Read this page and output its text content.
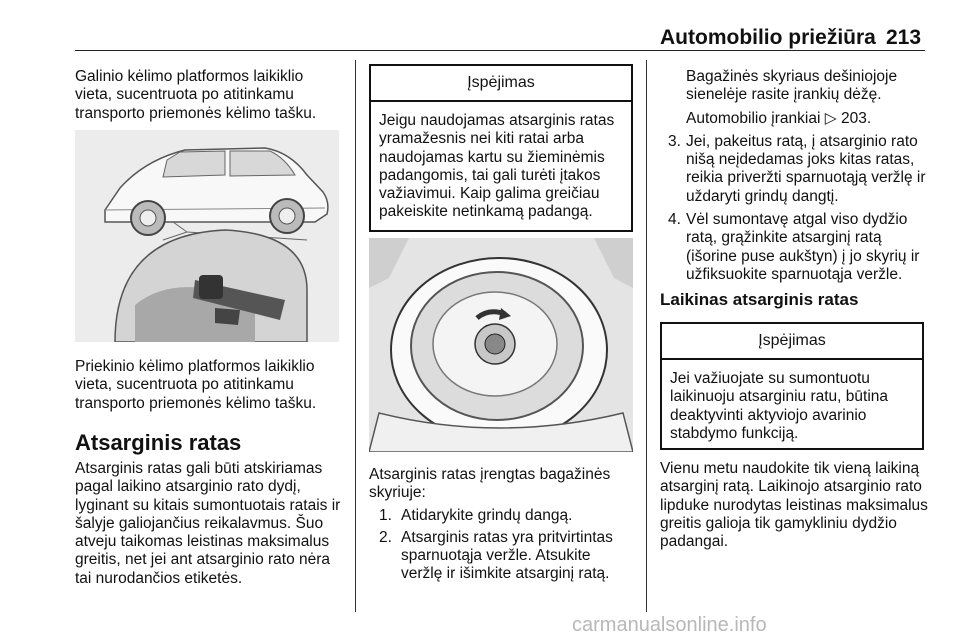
Automobilio priežiūra 213

Galinio kėlimo platformos laikiklio vieta, sucentruota po atitinkamu transporto priemonės kėlimo tašku.

Priekinio kėlimo platformos laikiklio vieta, sucentruota po atitinkamu transporto priemonės kėlimo tašku.

Atsarginis ratas

Atsarginis ratas gali būti atskiriamas pagal laikino atsarginio rato dydį, lyginant su kitais sumontuotais ratais ir šalyje galiojančius reikalavmus. Šuo atveju taikomas leistinas maksimalus greitis, net jei ant atsarginio rato nėra tai nurodančios etiketės.

Įspėjimas
Jeigu naudojamas atsarginis ratas yramažesnis nei kiti ratai arba naudojamas kartu su žieminėmis padangomis, tai gali turėti įtakos važiavimui. Kaip galima greičiau pakeiskite netinkamą padangą.

Atsarginis ratas įrengtas bagažinės skyriuje:

1. Atidarykite grindų dangą.
2. Atsarginis ratas yra pritvirtintas sparnuotąja veržle. Atsukite veržlę ir išimkite atsarginį ratą.

Bagažinės skyriaus dešiniojoje sienelėje rasite įrankių dėžę.

Automobilio įrankiai ▷ 203.

3. Jei, pakeitus ratą, į atsarginio rato nišą neįdedamas joks kitas ratas, reikia priveržti sparnuotąją veržlę ir uždaryti grindų dangtį.
4. Vėl sumontavę atgal viso dydžio ratą, grąžinkite atsarginį ratą (išorine puse aukštyn) į jo skyrių ir užfiksuokite sparnuotąja veržle.
Laikinas atsarginis ratas
Įspėjimas
Jei važiuojate su sumontuotu laikinuoju atsarginiu ratu, būtina deaktyvinti aktyviojo avarinio stabdymo funkciją.

Vienu metu naudokite tik vieną laikiną atsarginį ratą. Laikinojo atsarginio rato lipduke nurodytas leistinas maksimalus greitis galioja tik gamykliniu dydžio padangai.

carmanualsonline.info
